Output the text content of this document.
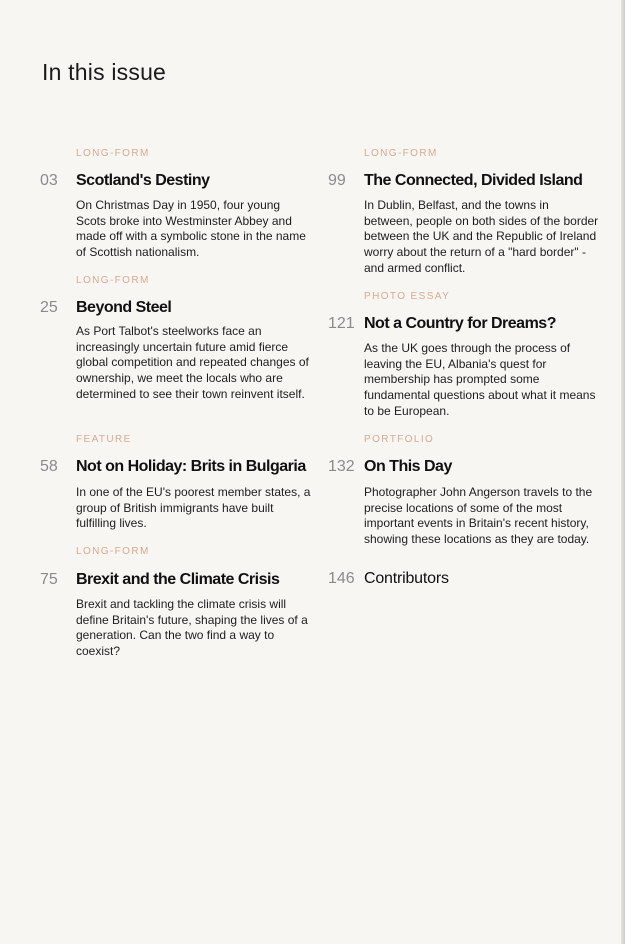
In this issue
LONG-FORM
03 Scotland's Destiny

On Christmas Day in 1950, four young Scots broke into Westminster Abbey and made off with a symbolic stone in the name of Scottish nationalism.

LONG-FORM
25 Beyond Steel

As Port Talbot's steelworks face an increasingly uncertain future amid fierce global competition and repeated changes of ownership, we meet the locals who are determined to see their town reinvent itself.

FEATURE
58 Not on Holiday: Brits in Bulgaria

In one of the EU's poorest member states, a group of British immigrants have built fulfilling lives.

LONG-FORM
75 Brexit and the Climate Crisis

Brexit and tackling the climate crisis will define Britain's future, shaping the lives of a generation. Can the two find a way to coexist?

LONG-FORM
99 The Connected, Divided Island

In Dublin, Belfast, and the towns in between, people on both sides of the border between the UK and the Republic of Ireland worry about the return of a "hard border" - and armed conflict.

PHOTO ESSAY
121 Not a Country for Dreams?

As the UK goes through the process of leaving the EU, Albania's quest for membership has prompted some fundamental questions about what it means to be European.

PORTFOLIO
132 On This Day

Photographer John Angerson travels to the precise locations of some of the most important events in Britain's recent history, showing these locations as they are today.

146 Contributors
